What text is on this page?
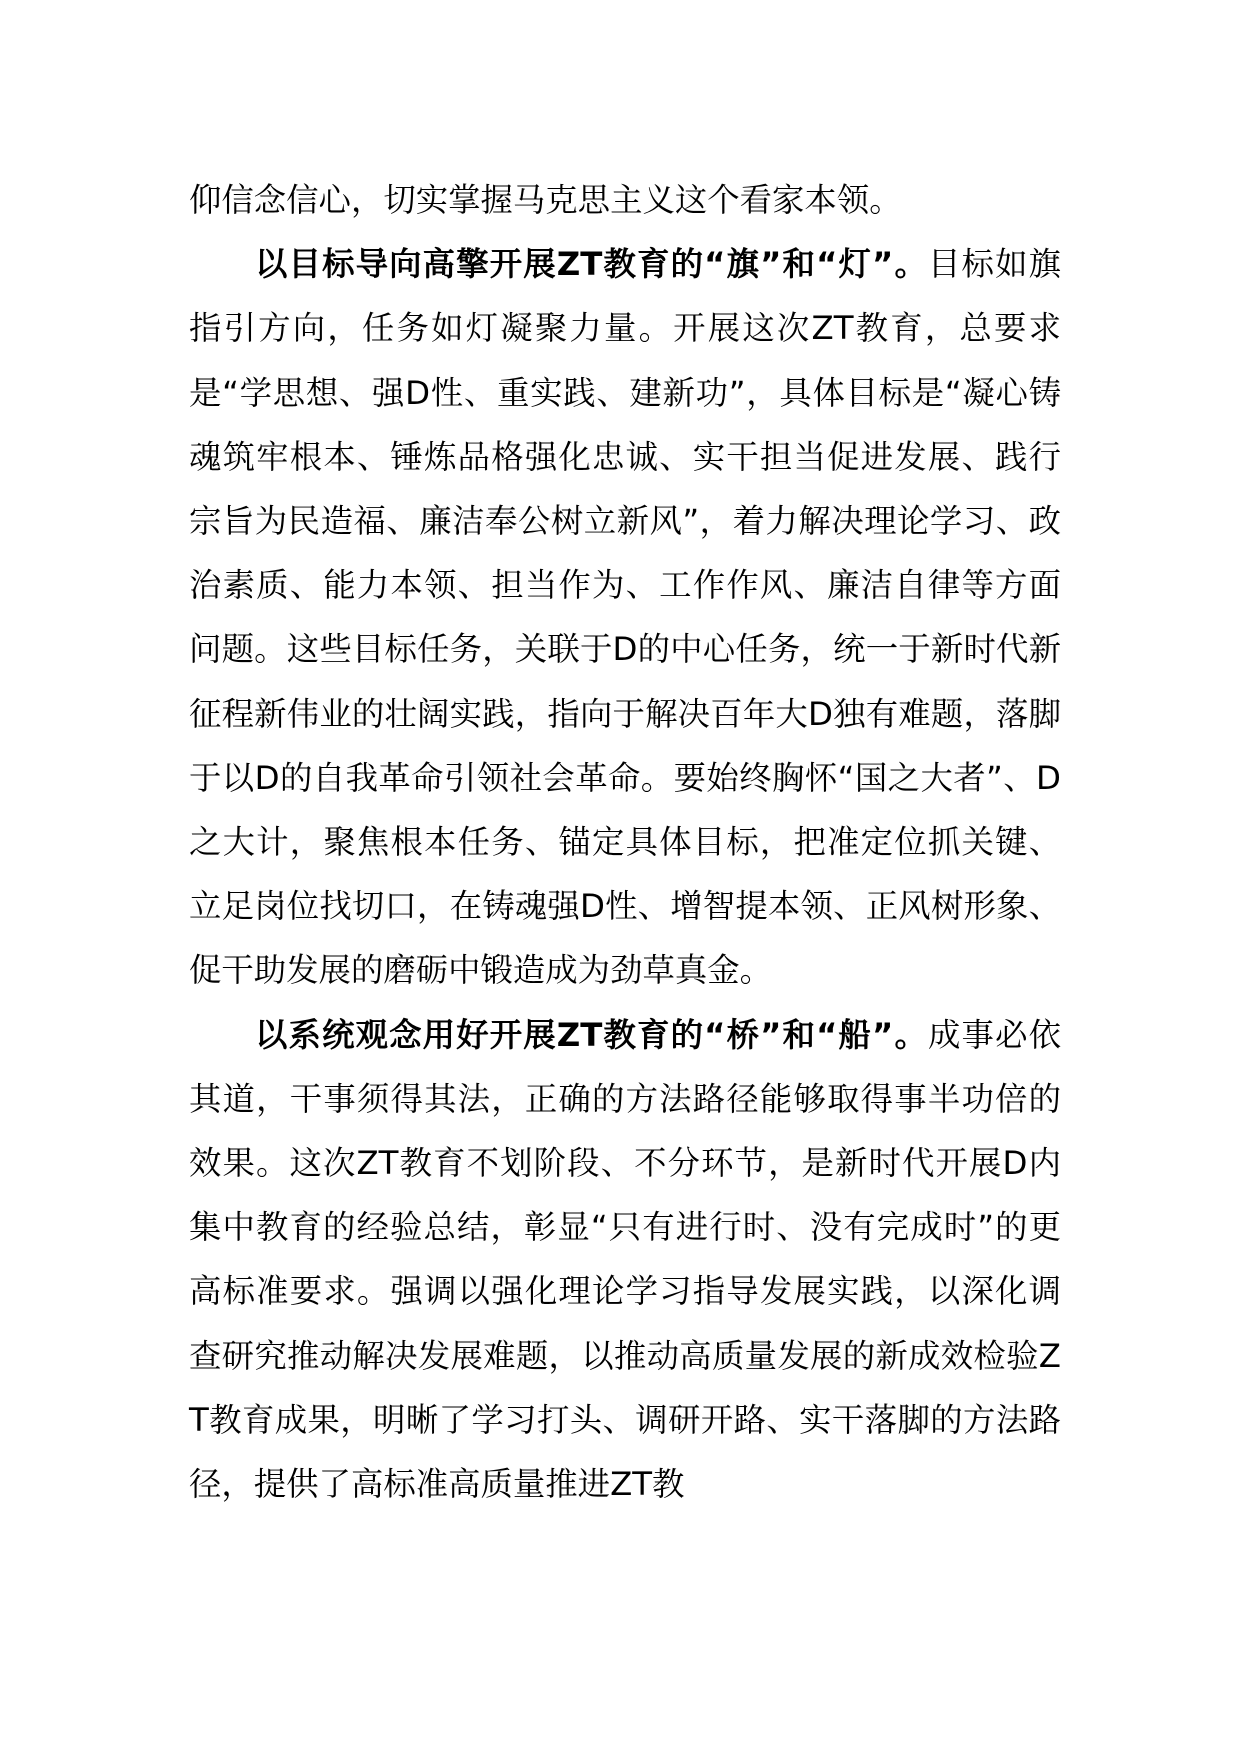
仰信念信心，切实掌握马克思主义这个看家本领。

以目标导向高擎开展ZT教育的“旗”和“灯”。目标如旗指引方向，任务如灯凝聚力量。开展这次ZT教育，总要求是“学思想、强D性、重实践、建新功”，具体目标是“凝心铸魂筑牢根本、锤炼品格强化忠诚、实干担当促进发展、践行宗旨为民造福、廉洁奉公树立新风”，着力解决理论学习、政治素质、能力本领、担当作为、工作作风、廉洁自律等方面问题。这些目标任务，关联于D的中心任务，统一于新时代新征程新伟业的壮阔实践，指向于解决百年大D独有难题，落脚于以D的自我革命引领社会革命。要始终胸怀“国之大者”、D之大计，聚焦根本任务、锚定具体目标，把准定位抓关键、立足岗位找切口，在铸魂强D性、增智提本领、正风树形象、促干助发展的磨砺中锻造成为劲草真金。

以系统观念用好开展ZT教育的“桥”和“船”。成事必依其道，干事须得其法，正确的方法路径能够取得事半功倍的效果。这次ZT教育不划阶段、不分环节，是新时代开展D内集中教育的经验总结，彰显“只有进行时、没有完成时”的更高标准要求。强调以强化理论学习指导发展实践，以深化调查研究推动解决发展难题，以推动高质量发展的新成效检验ZT教育成果，明晰了学习打头、调研开路、实干落脚的方法路径，提供了高标准高质量推进ZT教
